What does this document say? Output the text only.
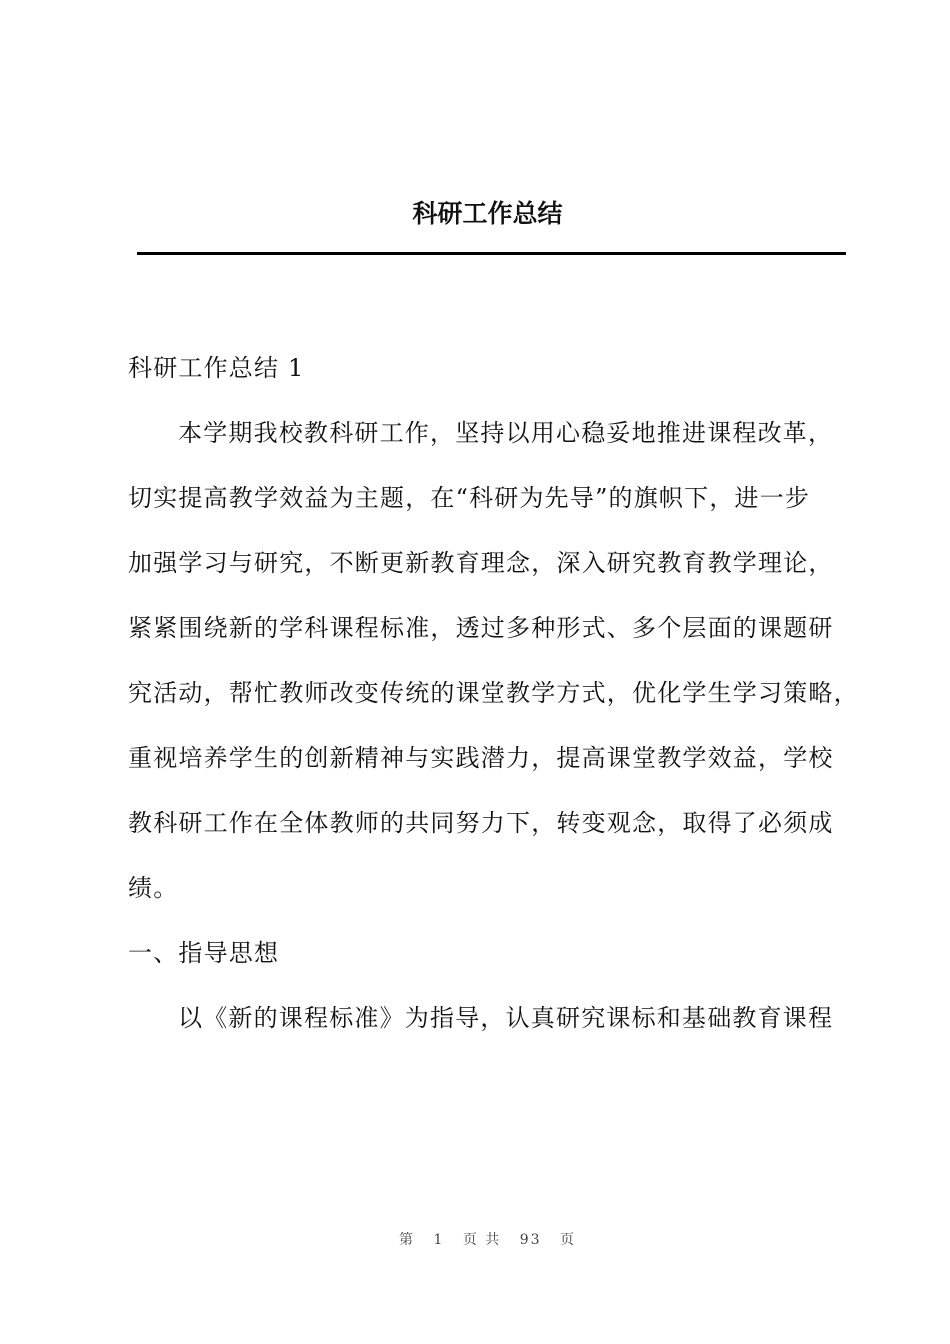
科研工作总结

科研工作总结 1

本学期我校教科研工作，坚持以用心稳妥地推进课程改革，
切实提高教学效益为主题，在“科研为先导”的旗帜下，进一步
加强学习与研究，不断更新教育理念，深入研究教育教学理论，
紧紧围绕新的学科课程标准，透过多种形式、多个层面的课题研
究活动，帮忙教师改变传统的课堂教学方式，优化学生学习策略，
重视培养学生的创新精神与实践潜力，提高课堂教学效益，学校
教科研工作在全体教师的共同努力下，转变观念，取得了必须成
绩。

一、指导思想

以《新的课程标准》为指导，认真研究课标和基础教育课程

第 1 页 共 93 页
